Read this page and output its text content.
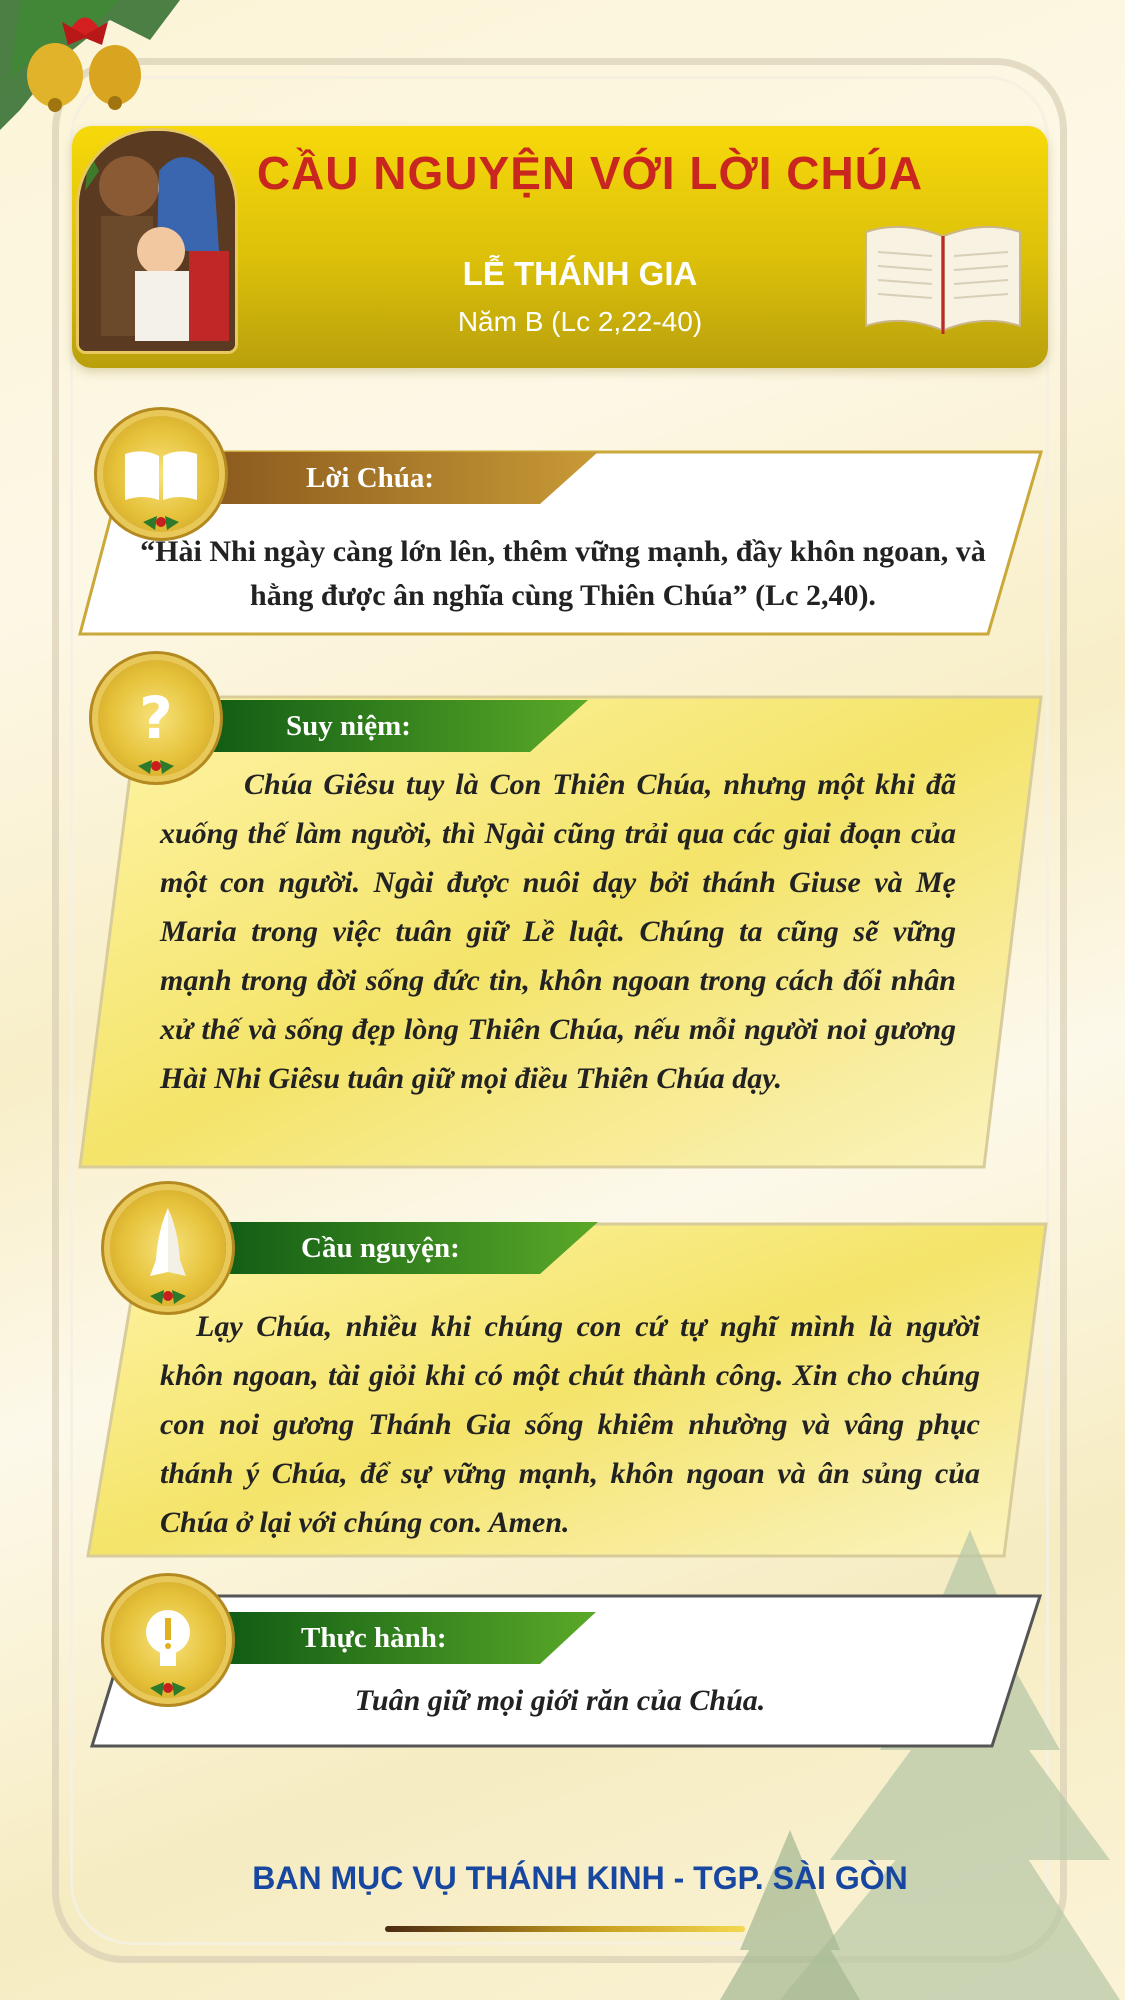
CẦU NGUYỆN VỚI LỜI CHÚA
LỄ THÁNH GIA
Năm B (Lc 2,22-40)
Lời Chúa:
“Hài Nhi ngày càng lớn lên, thêm vững mạnh, đầy khôn ngoan, và hằng được ân nghĩa cùng Thiên Chúa” (Lc 2,40).
Suy niệm:
?
Chúa Giêsu tuy là Con Thiên Chúa, nhưng một khi đã xuống thế làm người, thì Ngài cũng trải qua các giai đoạn của một con người. Ngài được nuôi dạy bởi thánh Giuse và Mẹ Maria trong việc tuân giữ Lề luật. Chúng ta cũng sẽ vững mạnh trong đời sống đức tin, khôn ngoan trong cách đối nhân xử thế và sống đẹp lòng Thiên Chúa, nếu mỗi người noi gương Hài Nhi Giêsu tuân giữ mọi điều Thiên Chúa dạy.
Cầu nguyện:
Lạy Chúa, nhiều khi chúng con cứ tự nghĩ mình là người khôn ngoan, tài giỏi khi có một chút thành công. Xin cho chúng con noi gương Thánh Gia sống khiêm nhường và vâng phục thánh ý Chúa, để sự vững mạnh, khôn ngoan và ân sủng của Chúa ở lại với chúng con. Amen.
Thực hành:
Tuân giữ mọi giới răn của Chúa.
BAN MỤC VỤ THÁNH KINH - TGP. SÀI GÒN
